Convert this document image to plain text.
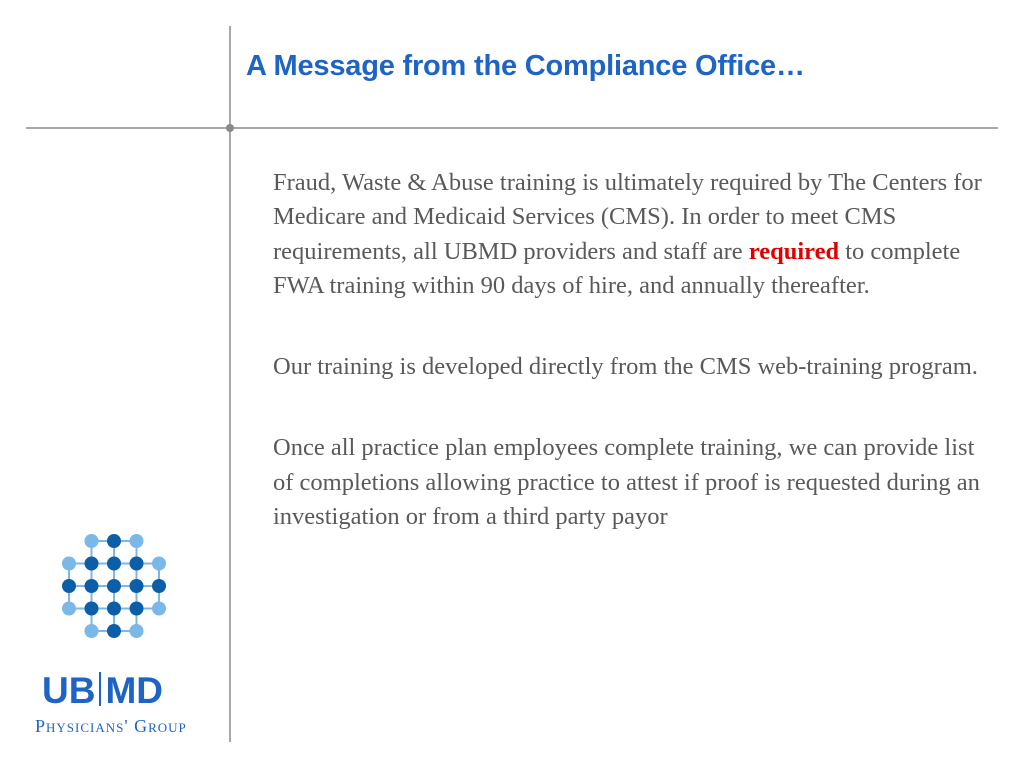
A Message from the Compliance Office…

Fraud, Waste & Abuse training is ultimately required by The Centers for Medicare and Medicaid Services (CMS). In order to meet CMS requirements, all UBMD providers and staff are required to complete FWA training within 90 days of hire, and annually thereafter.

Our training is developed directly from the CMS web-training program.

Once all practice plan employees complete training, we can provide list of completions allowing practice to attest if proof is requested during an investigation or from a third party payor

UB MD
Physicians' Group
